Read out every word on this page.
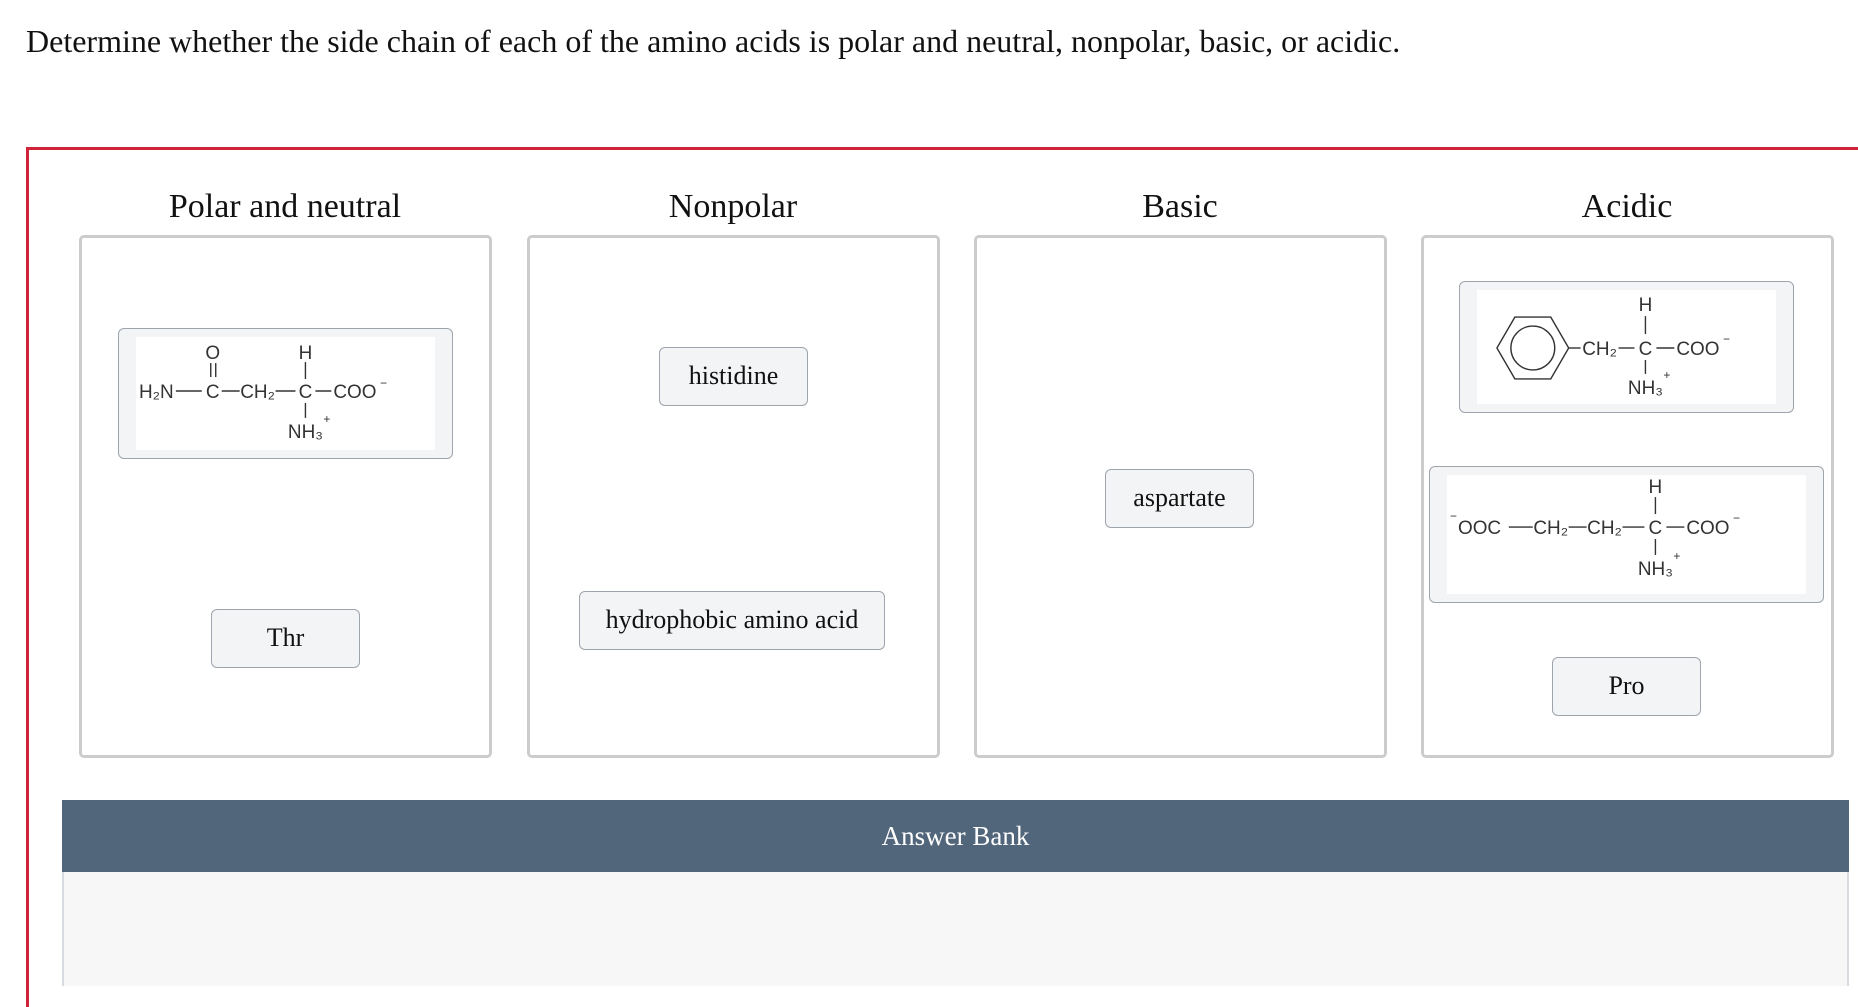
Determine whether the side chain of each of the amino acids is polar and neutral, nonpolar, basic, or acidic.
Polar and neutral	Nonpolar	Basic	Acidic
O	H
H₂N C CH₂ C COO −
NH₃
+
Thr
histidine
hydrophobic amino acid
aspartate
H
CH₂ C COO −
NH₃
+
−
OOC CH₂ CH₂
H
C COO −
NH₃
+
Pro
Answer Bank
